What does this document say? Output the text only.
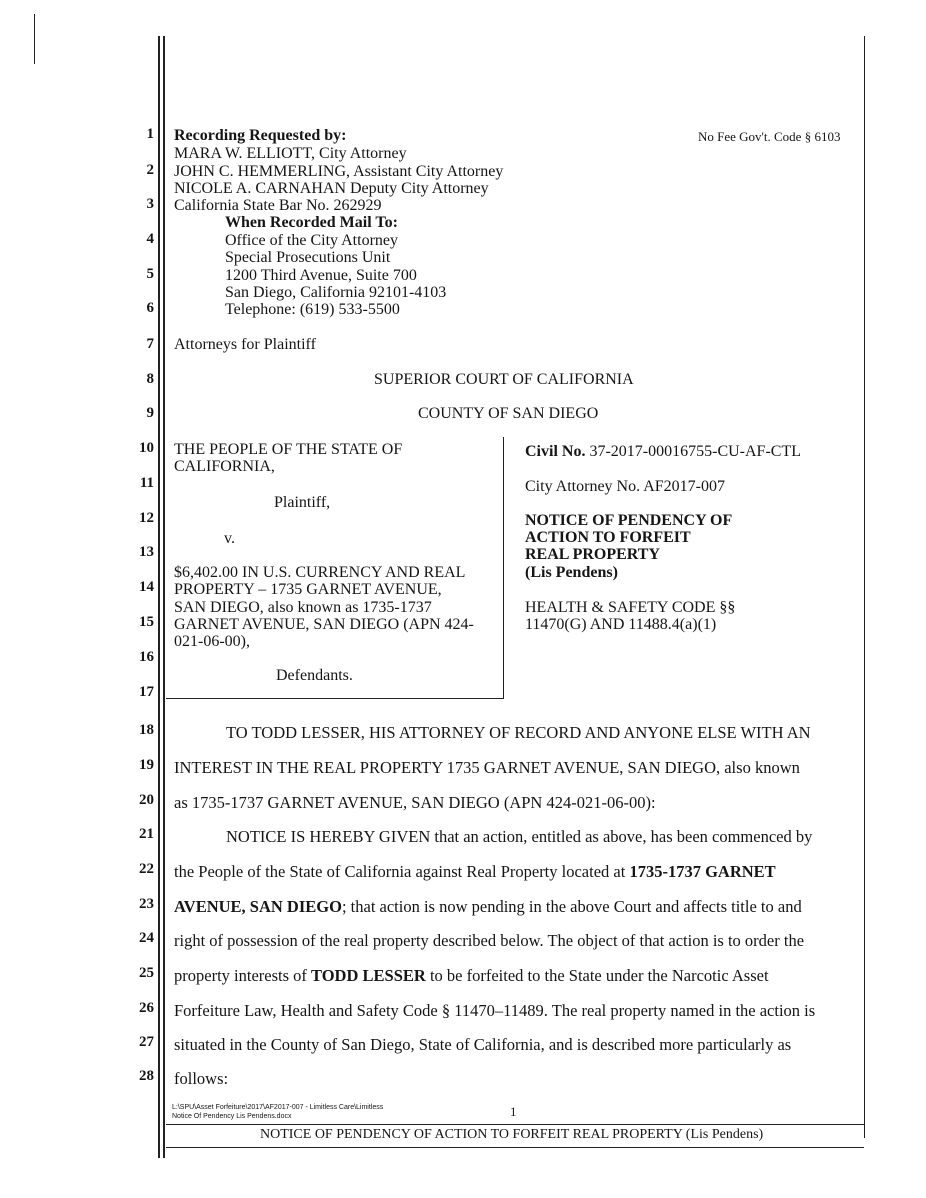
1
2
3
4
5
6
7
8
9
10
11
12
13
14
15
16
17
18
19
20
21
22
23
24
25
26
27
28
Recording Requested by:	No Fee Gov't. Code § 6103
MARA W. ELLIOTT, City Attorney
JOHN C. HEMMERLING, Assistant City Attorney
NICOLE A. CARNAHAN Deputy City Attorney
California State Bar No. 262929
When Recorded Mail To:
Office of the City Attorney
Special Prosecutions Unit
1200 Third Avenue, Suite 700
San Diego, California 92101-4103
Telephone: (619) 533-5500
Attorneys for Plaintiff
SUPERIOR COURT OF CALIFORNIA
COUNTY OF SAN DIEGO
THE PEOPLE OF THE STATE OF
CALIFORNIA,
Plaintiff,
v.
$6,402.00 IN U.S. CURRENCY AND REAL
PROPERTY – 1735 GARNET AVENUE,
SAN DIEGO, also known as 1735-1737
GARNET AVENUE, SAN DIEGO (APN 424-
021-06-00),
Defendants.
Civil No. 37-2017-00016755-CU-AF-CTL
City Attorney No. AF2017-007
NOTICE OF PENDENCY OF
ACTION TO FORFEIT
REAL PROPERTY
(Lis Pendens)
HEALTH & SAFETY CODE §§
11470(G) AND 11488.4(a)(1)
TO TODD LESSER, HIS ATTORNEY OF RECORD AND ANYONE ELSE WITH AN
INTEREST IN THE REAL PROPERTY 1735 GARNET AVENUE, SAN DIEGO, also known
as 1735-1737 GARNET AVENUE, SAN DIEGO (APN 424-021-06-00):
NOTICE IS HEREBY GIVEN that an action, entitled as above, has been commenced by
the People of the State of California against Real Property located at 1735-1737 GARNET
AVENUE, SAN DIEGO; that action is now pending in the above Court and affects title to and
right of possession of the real property described below. The object of that action is to order the
property interests of TODD LESSER to be forfeited to the State under the Narcotic Asset
Forfeiture Law, Health and Safety Code § 11470–11489. The real property named in the action is
situated in the County of San Diego, State of California, and is described more particularly as
follows:
L:\SPU\Asset Forfeiture\2017\AF2017-007 - Limitless Care\Limitless
Notice Of Pendency Lis Pendens.docx	1
NOTICE OF PENDENCY OF ACTION TO FORFEIT REAL PROPERTY (Lis Pendens)
